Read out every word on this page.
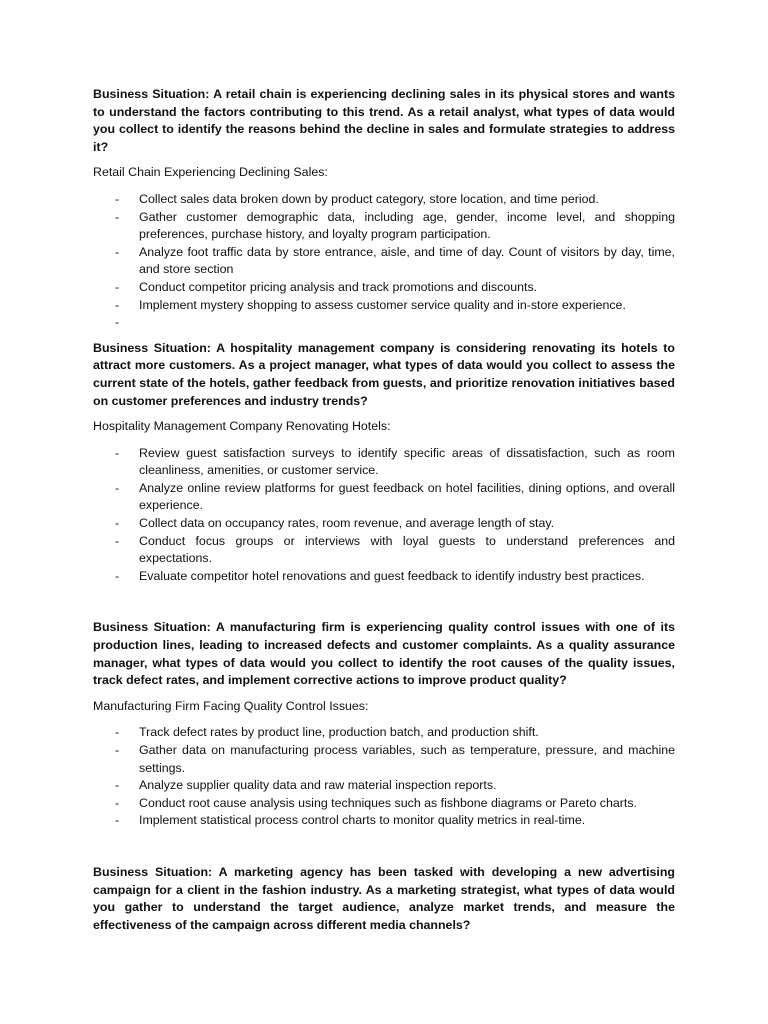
Business Situation: A retail chain is experiencing declining sales in its physical stores and wants to understand the factors contributing to this trend. As a retail analyst, what types of data would you collect to identify the reasons behind the decline in sales and formulate strategies to address it?

Retail Chain Experiencing Declining Sales:

- Collect sales data broken down by product category, store location, and time period.
- Gather customer demographic data, including age, gender, income level, and shopping preferences, purchase history, and loyalty program participation.
- Analyze foot traffic data by store entrance, aisle, and time of day. Count of visitors by day, time, and store section
- Conduct competitor pricing analysis and track promotions and discounts.
- Implement mystery shopping to assess customer service quality and in-store experience.
-

Business Situation: A hospitality management company is considering renovating its hotels to attract more customers. As a project manager, what types of data would you collect to assess the current state of the hotels, gather feedback from guests, and prioritize renovation initiatives based on customer preferences and industry trends?

Hospitality Management Company Renovating Hotels:

- Review guest satisfaction surveys to identify specific areas of dissatisfaction, such as room cleanliness, amenities, or customer service.
- Analyze online review platforms for guest feedback on hotel facilities, dining options, and overall experience.
- Collect data on occupancy rates, room revenue, and average length of stay.
- Conduct focus groups or interviews with loyal guests to understand preferences and expectations.
- Evaluate competitor hotel renovations and guest feedback to identify industry best practices.

Business Situation: A manufacturing firm is experiencing quality control issues with one of its production lines, leading to increased defects and customer complaints. As a quality assurance manager, what types of data would you collect to identify the root causes of the quality issues, track defect rates, and implement corrective actions to improve product quality?

Manufacturing Firm Facing Quality Control Issues:

- Track defect rates by product line, production batch, and production shift.
- Gather data on manufacturing process variables, such as temperature, pressure, and machine settings.
- Analyze supplier quality data and raw material inspection reports.
- Conduct root cause analysis using techniques such as fishbone diagrams or Pareto charts.
- Implement statistical process control charts to monitor quality metrics in real-time.

Business Situation: A marketing agency has been tasked with developing a new advertising campaign for a client in the fashion industry. As a marketing strategist, what types of data would you gather to understand the target audience, analyze market trends, and measure the effectiveness of the campaign across different media channels?
